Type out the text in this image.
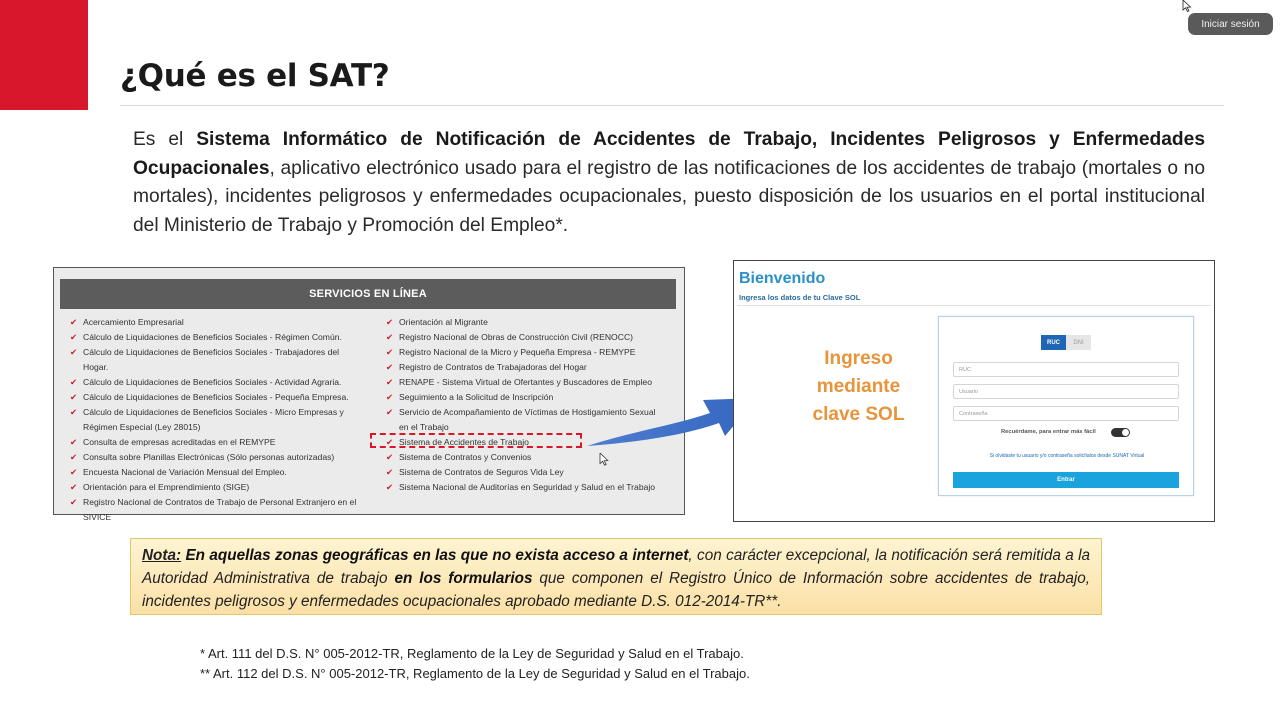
¿Qué es el SAT?
Iniciar sesión

Es el Sistema Informático de Notificación de Accidentes de Trabajo, Incidentes Peligrosos y Enfermedades Ocupacionales, aplicativo electrónico usado para el registro de las notificaciones de los accidentes de trabajo (mortales o no mortales), incidentes peligrosos y enfermedades ocupacionales, puesto disposición de los usuarios en el portal institucional del Ministerio de Trabajo y Promoción del Empleo*.

SERVICIOS EN LÍNEA
✔ Acercamiento Empresarial
✔ Cálculo de Liquidaciones de Beneficios Sociales - Régimen Común.
✔ Cálculo de Liquidaciones de Beneficios Sociales - Trabajadores del Hogar.
✔ Cálculo de Liquidaciones de Beneficios Sociales - Actividad Agraria.
✔ Cálculo de Liquidaciones de Beneficios Sociales - Pequeña Empresa.
✔ Cálculo de Liquidaciones de Beneficios Sociales - Micro Empresas y Régimen Especial (Ley 28015)
✔ Consulta de empresas acreditadas en el REMYPE
✔ Consulta sobre Planillas Electrónicas (Sólo personas autorizadas)
✔ Encuesta Nacional de Variación Mensual del Empleo.
✔ Orientación para el Emprendimiento (SIGE)
✔ Registro Nacional de Contratos de Trabajo de Personal Extranjero en el SIVICE
✔ Orientación al Migrante
✔ Registro Nacional de Obras de Construcción Civil (RENOCC)
✔ Registro Nacional de la Micro y Pequeña Empresa - REMYPE
✔ Registro de Contratos de Trabajadoras del Hogar
✔ RENAPE - Sistema Virtual de Ofertantes y Buscadores de Empleo
✔ Seguimiento a la Solicitud de Inscripción
✔ Servicio de Acompañamiento de Víctimas de Hostigamiento Sexual en el Trabajo
✔ Sistema de Accidentes de Trabajo
✔ Sistema de Contratos y Convenios
✔ Sistema de Contratos de Seguros Vida Ley
✔ Sistema Nacional de Auditorías en Seguridad y Salud en el Trabajo
Bienvenido
Ingresa los datos de tu Clave SOL
Ingreso mediante clave SOL
RUC	DNI
RUC
Usuario
Contraseña
Recuérdame, para entrar más fácil
Si olvidaste tu usuario y/o contraseña solicítalos desde SUNAT Virtual
Entrar
Nota: En aquellas zonas geográficas en las que no exista acceso a internet, con carácter excepcional, la notificación será remitida a la Autoridad Administrativa de trabajo en los formularios que componen el Registro Único de Información sobre accidentes de trabajo, incidentes peligrosos y enfermedades ocupacionales aprobado mediante D.S. 012-2014-TR**.
* Art. 111 del D.S. N° 005-2012-TR, Reglamento de la Ley de Seguridad y Salud en el Trabajo.
** Art. 112 del D.S. N° 005-2012-TR, Reglamento de la Ley de Seguridad y Salud en el Trabajo.
